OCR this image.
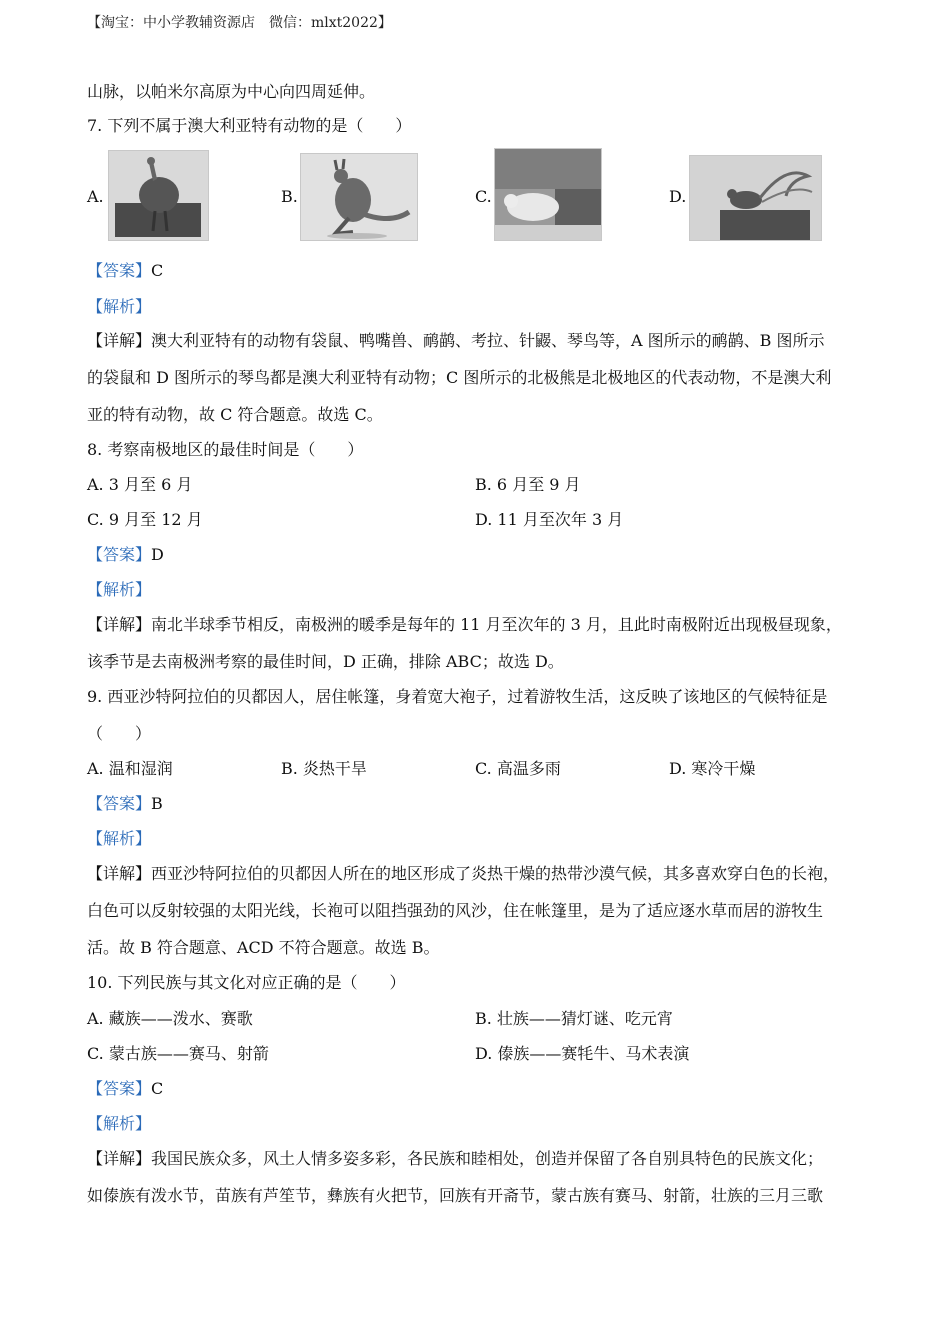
【淘宝：中小学教辅资源店　微信：mlxt2022】
山脉，以帕米尔高原为中心向四周延伸。
7. 下列不属于澳大利亚特有动物的是（　　）
A.	B.	C.	D.
【答案】C
【解析】
【详解】澳大利亚特有的动物有袋鼠、鸭嘴兽、鸸鹋、考拉、针鼹、琴鸟等，A 图所示的鸸鹋、B 图所示
的袋鼠和 D 图所示的琴鸟都是澳大利亚特有动物；C 图所示的北极熊是北极地区的代表动物，不是澳大利
亚的特有动物，故 C 符合题意。故选 C。
8. 考察南极地区的最佳时间是（　　）
A. 3 月至 6 月	B. 6 月至 9 月
C. 9 月至 12 月	D. 11 月至次年 3 月
【答案】D
【解析】
【详解】南北半球季节相反，南极洲的暖季是每年的 11 月至次年的 3 月，且此时南极附近出现极昼现象，
该季节是去南极洲考察的最佳时间，D 正确，排除 ABC；故选 D。
9. 西亚沙特阿拉伯的贝都因人，居住帐篷，身着宽大袍子，过着游牧生活，这反映了该地区的气候特征是
（　　）
A. 温和湿润	B. 炎热干旱	C. 高温多雨	D. 寒冷干燥
【答案】B
【解析】
【详解】西亚沙特阿拉伯的贝都因人所在的地区形成了炎热干燥的热带沙漠气候，其多喜欢穿白色的长袍，
白色可以反射较强的太阳光线，长袍可以阻挡强劲的风沙，住在帐篷里，是为了适应逐水草而居的游牧生
活。故 B 符合题意、ACD 不符合题意。故选 B。
10. 下列民族与其文化对应正确的是（　　）
A. 藏族——泼水、赛歌	B. 壮族——猜灯谜、吃元宵
C. 蒙古族——赛马、射箭	D. 傣族——赛牦牛、马术表演
【答案】C
【解析】
【详解】我国民族众多，风土人情多姿多彩，各民族和睦相处，创造并保留了各自别具特色的民族文化；
如傣族有泼水节，苗族有芦笙节，彝族有火把节，回族有开斋节，蒙古族有赛马、射箭，壮族的三月三歌
